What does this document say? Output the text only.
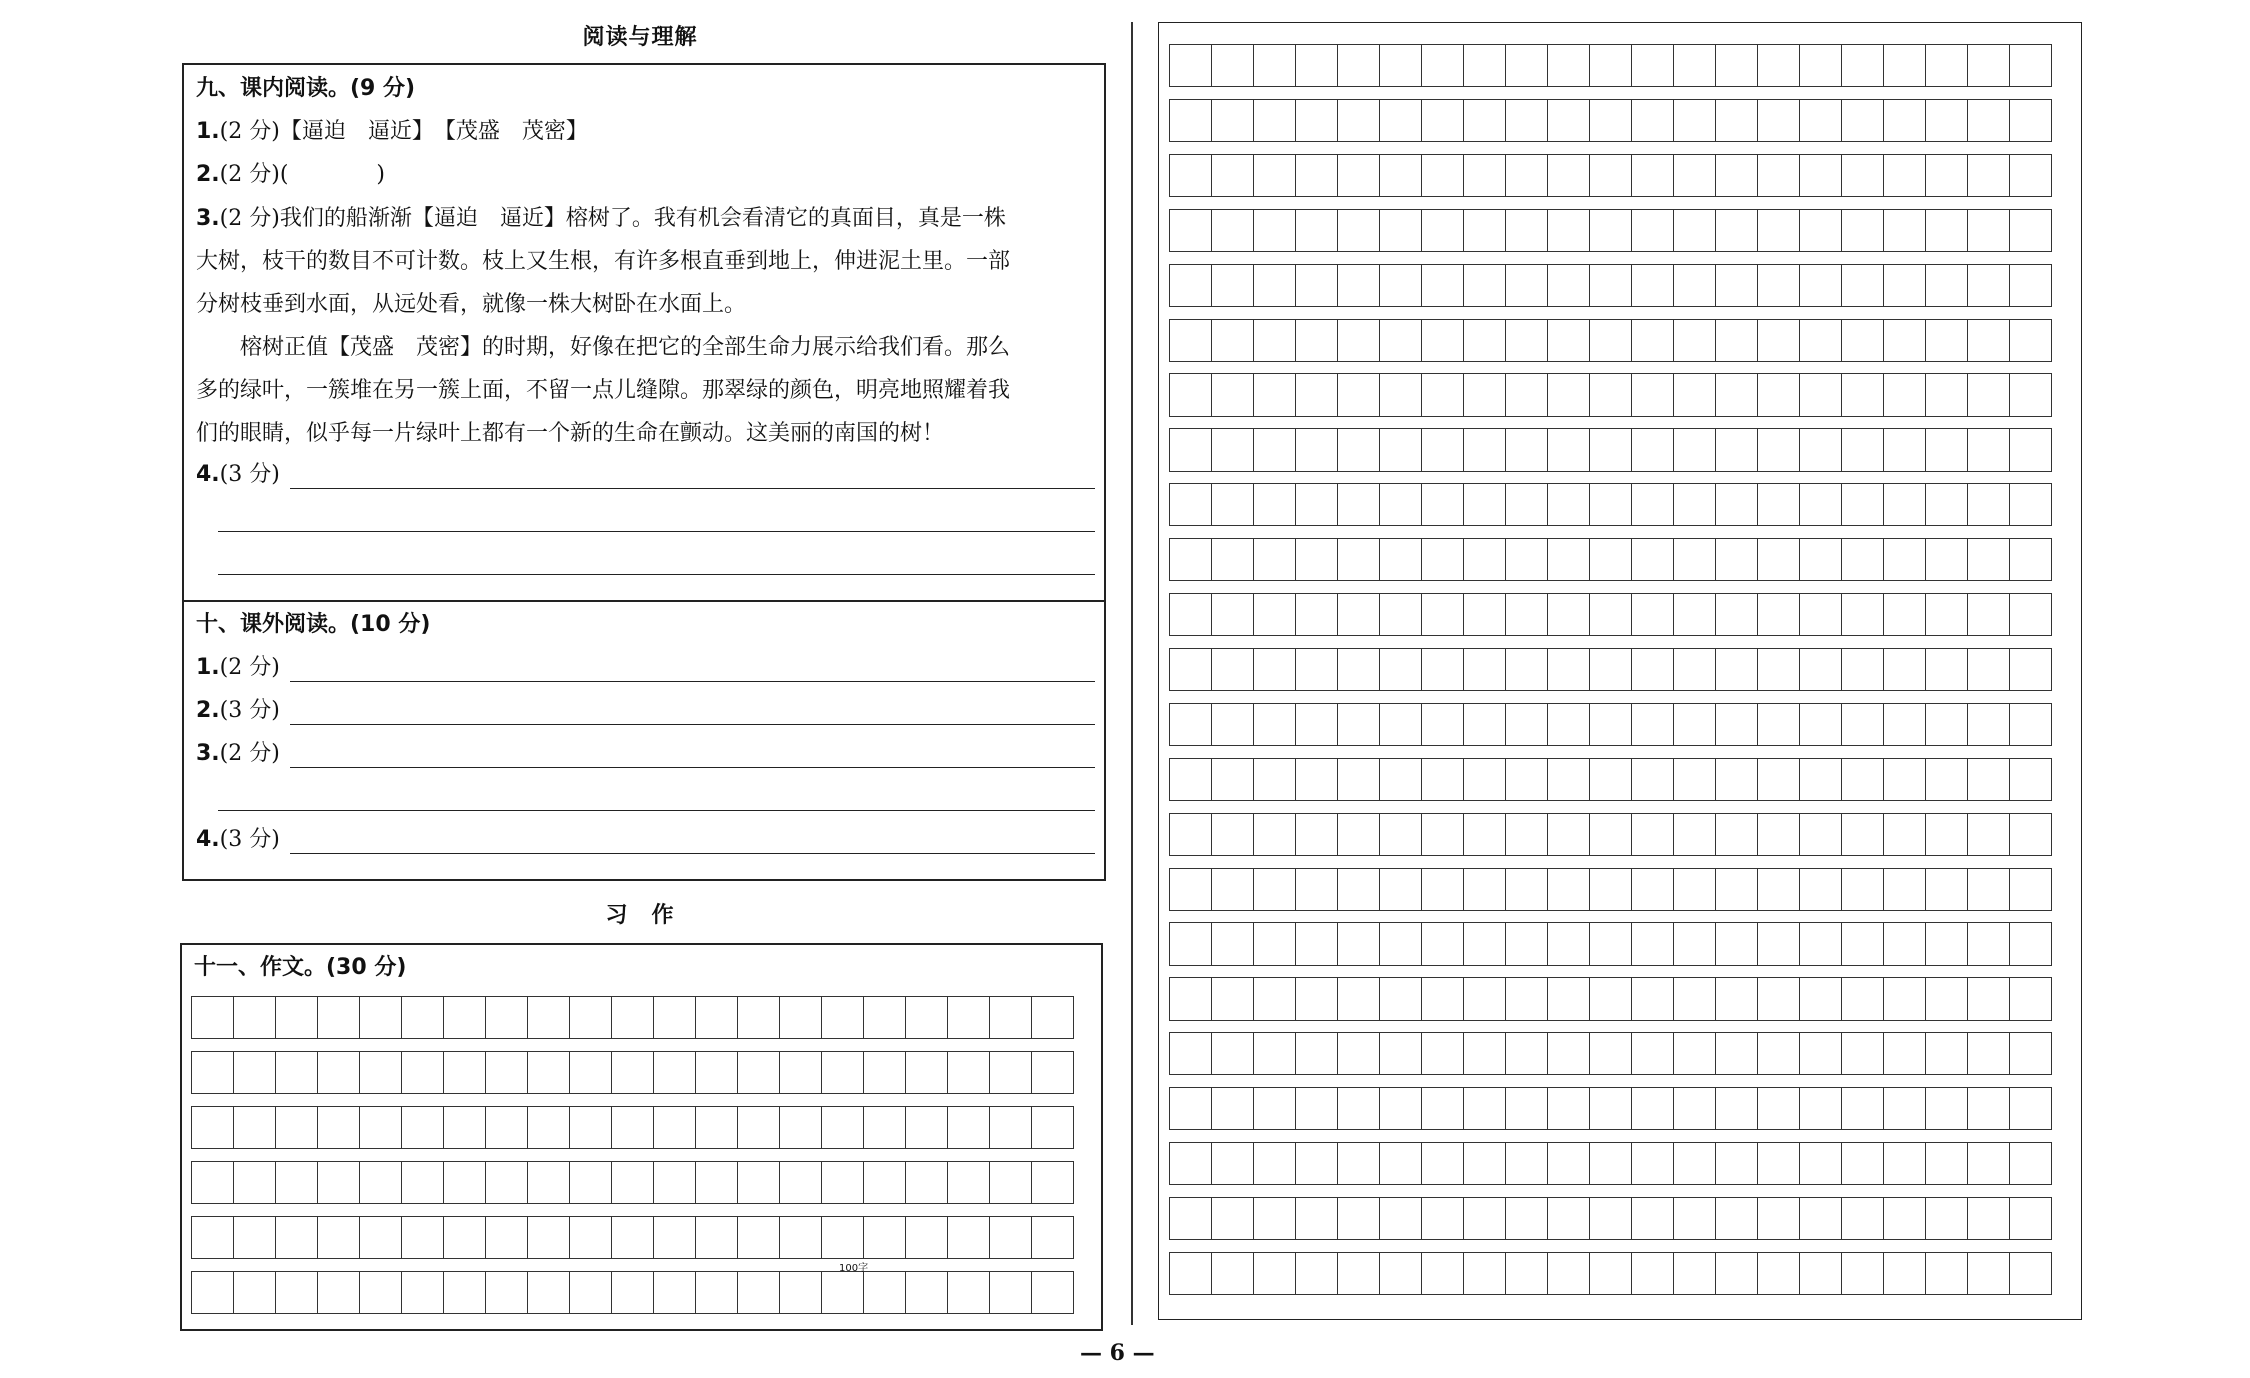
阅读与理解
九、课内阅读。(9 分)
1.(2 分)【逼迫　逼近】　【茂盛　茂密】
2.(2 分)(　　　　)
3.(2 分)我们的船渐渐【逼迫　逼近】榕树了。我有机会看清它的真面目，真是一株
大树，枝干的数目不可计数。枝上又生根，有许多根直垂到地上，伸进泥土里。一部
分树枝垂到水面，从远处看，就像一株大树卧在水面上。
　　榕树正值【茂盛　茂密】的时期，好像在把它的全部生命力展示给我们看。那么
多的绿叶，一簇堆在另一簇上面，不留一点儿缝隙。那翠绿的颜色，明亮地照耀着我
们的眼睛，似乎每一片绿叶上都有一个新的生命在颤动。这美丽的南国的树！
4.(3 分)
十、课外阅读。(10 分)
1.(2 分)
2.(3 分)
3.(2 分)
4.(3 分)
习　作
十一、作文。(30 分)
100字
— 6 —
